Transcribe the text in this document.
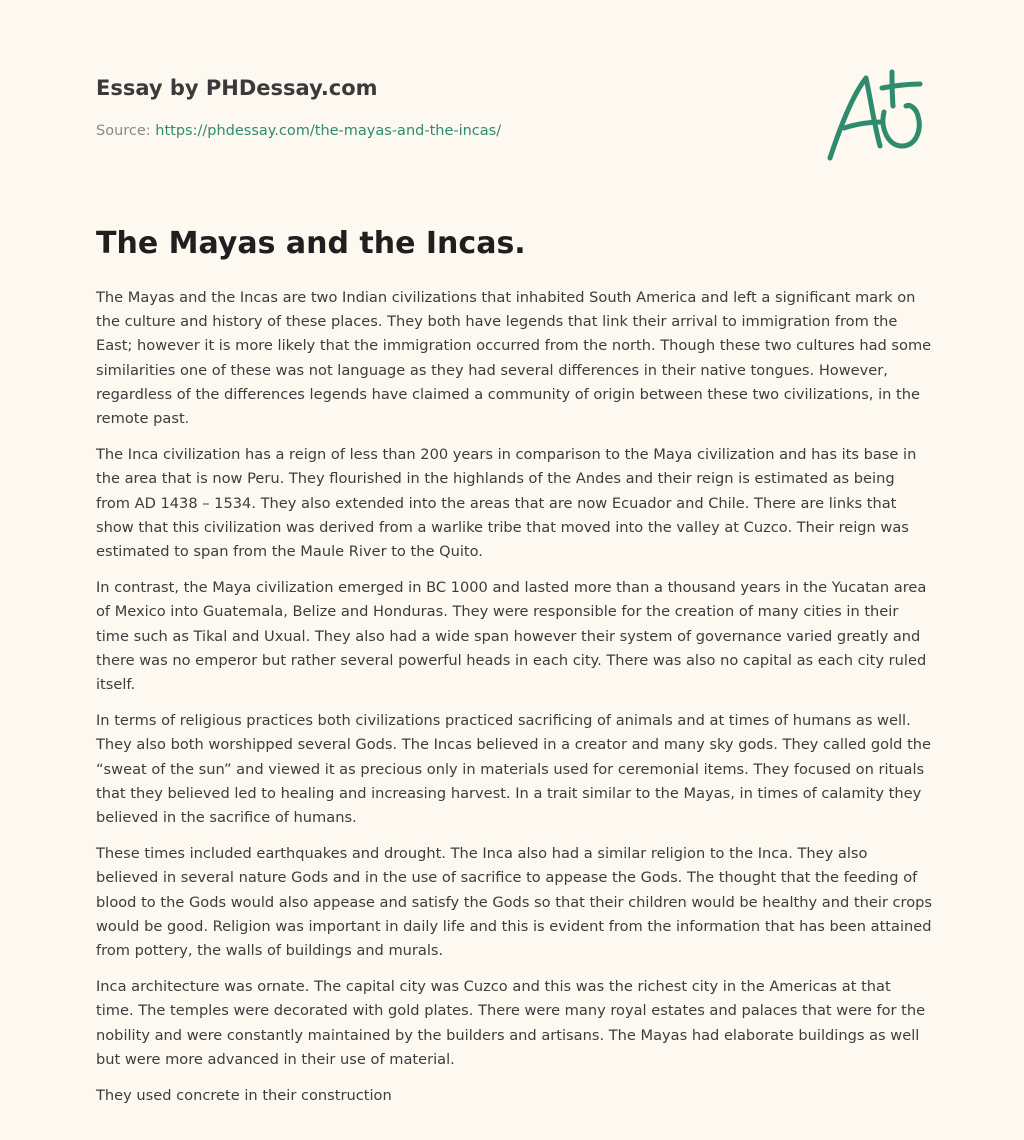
Essay by PHDessay.com
Source: https://phdessay.com/the-mayas-and-the-incas/
The Mayas and the Incas.

The Mayas and the Incas are two Indian civilizations that inhabited South America and left a significant mark on the culture and history of these places. They both have legends that link their arrival to immigration from the East; however it is more likely that the immigration occurred from the north. Though these two cultures had some similarities one of these was not language as they had several differences in their native tongues. However, regardless of the differences legends have claimed a community of origin between these two civilizations, in the remote past.

The Inca civilization has a reign of less than 200 years in comparison to the Maya civilization and has its base in the area that is now Peru. They flourished in the highlands of the Andes and their reign is estimated as being from AD 1438 – 1534. They also extended into the areas that are now Ecuador and Chile. There are links that show that this civilization was derived from a warlike tribe that moved into the valley at Cuzco. Their reign was estimated to span from the Maule River to the Quito.

In contrast, the Maya civilization emerged in BC 1000 and lasted more than a thousand years in the Yucatan area of Mexico into Guatemala, Belize and Honduras. They were responsible for the creation of many cities in their time such as Tikal and Uxual. They also had a wide span however their system of governance varied greatly and there was no emperor but rather several powerful heads in each city. There was also no capital as each city ruled itself.

In terms of religious practices both civilizations practiced sacrificing of animals and at times of humans as well. They also both worshipped several Gods. The Incas believed in a creator and many sky gods. They called gold the “sweat of the sun” and viewed it as precious only in materials used for ceremonial items. They focused on rituals that they believed led to healing and increasing harvest. In a trait similar to the Mayas, in times of calamity they believed in the sacrifice of humans.

These times included earthquakes and drought. The Inca also had a similar religion to the Inca. They also believed in several nature Gods and in the use of sacrifice to appease the Gods. The thought that the feeding of blood to the Gods would also appease and satisfy the Gods so that their children would be healthy and their crops would be good. Religion was important in daily life and this is evident from the information that has been attained from pottery, the walls of buildings and murals.

Inca architecture was ornate. The capital city was Cuzco and this was the richest city in the Americas at that time. The temples were decorated with gold plates. There were many royal estates and palaces that were for the nobility and were constantly maintained by the builders and artisans. The Mayas had elaborate buildings as well but were more advanced in their use of material.

They used concrete in their construction
